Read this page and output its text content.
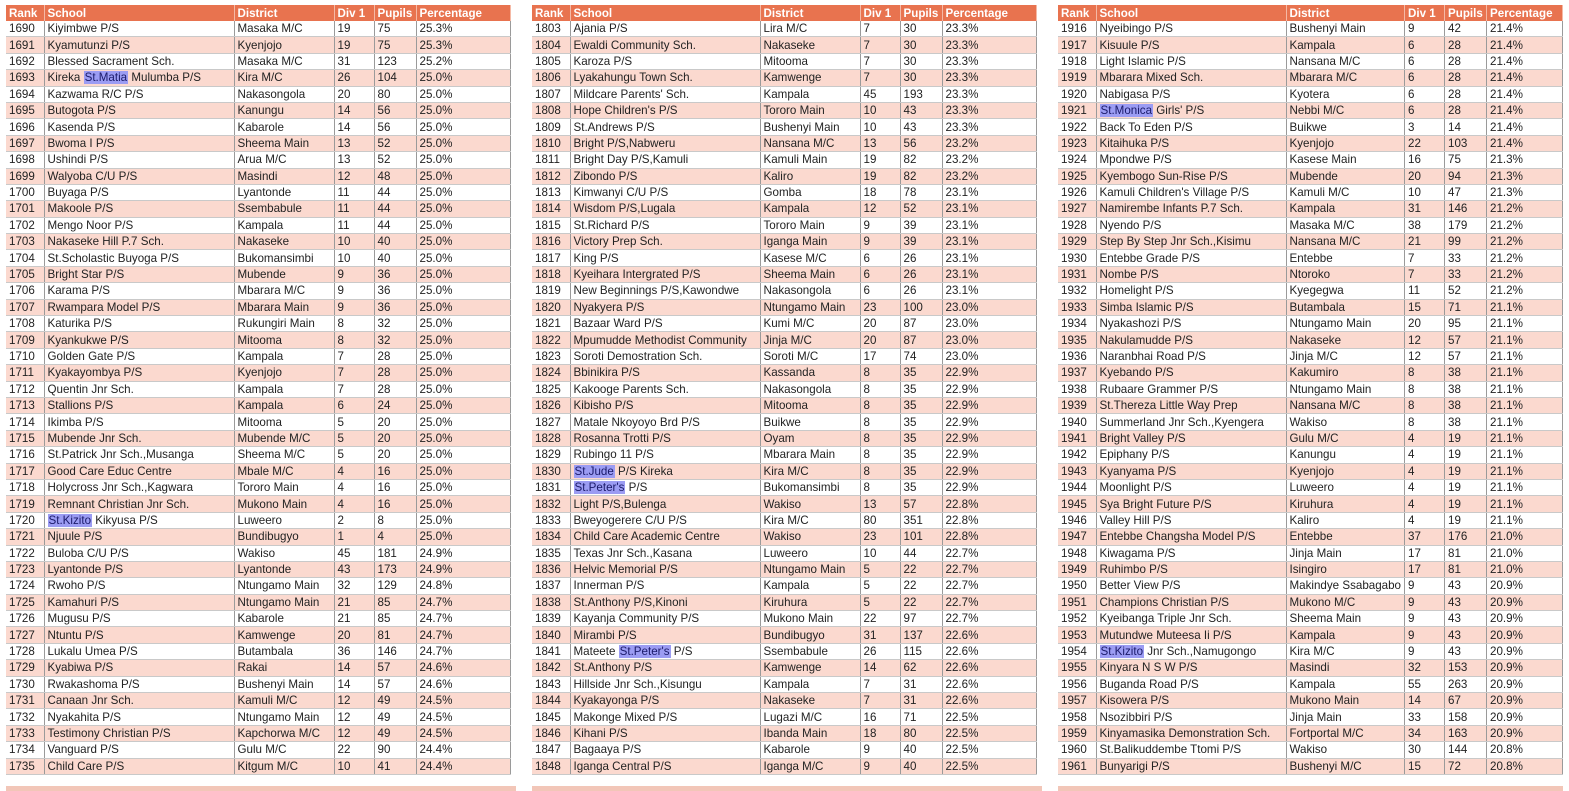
Rank	School	District	Div 1	Pupils	Percentage
1690	Kiyimbwe P/S	Masaka M/C	19	75	25.3%
1691	Kyamutunzi P/S	Kyenjojo	19	75	25.3%
1692	Blessed Sacrament Sch.	Masaka M/C	31	123	25.2%
1693	Kireka St.Matia Mulumba P/S	Kira M/C	26	104	25.0%
1694	Kazwama R/C P/S	Nakasongola	20	80	25.0%
1695	Butogota P/S	Kanungu	14	56	25.0%
1696	Kasenda P/S	Kabarole	14	56	25.0%
1697	Bwoma I P/S	Sheema Main	13	52	25.0%
1698	Ushindi P/S	Arua M/C	13	52	25.0%
1699	Walyoba C/U P/S	Masindi	12	48	25.0%
1700	Buyaga P/S	Lyantonde	11	44	25.0%
1701	Makoole P/S	Ssembabule	11	44	25.0%
1702	Mengo Noor P/S	Kampala	11	44	25.0%
1703	Nakaseke Hill P.7 Sch.	Nakaseke	10	40	25.0%
1704	St.Scholastic Buyoga P/S	Bukomansimbi	10	40	25.0%
1705	Bright Star P/S	Mubende	9	36	25.0%
1706	Karama P/S	Mbarara M/C	9	36	25.0%
1707	Rwampara Model P/S	Mbarara Main	9	36	25.0%
1708	Katurika P/S	Rukungiri Main	8	32	25.0%
1709	Kyankukwe P/S	Mitooma	8	32	25.0%
1710	Golden Gate P/S	Kampala	7	28	25.0%
1711	Kyakayombya P/S	Kyenjojo	7	28	25.0%
1712	Quentin Jnr Sch.	Kampala	7	28	25.0%
1713	Stallions P/S	Kampala	6	24	25.0%
1714	Ikimba P/S	Mitooma	5	20	25.0%
1715	Mubende Jnr Sch.	Mubende M/C	5	20	25.0%
1716	St.Patrick Jnr Sch.,Musanga	Sheema M/C	5	20	25.0%
1717	Good Care Educ Centre	Mbale M/C	4	16	25.0%
1718	Holycross Jnr Sch.,Kagwara	Tororo Main	4	16	25.0%
1719	Remnant Christian Jnr Sch.	Mukono Main	4	16	25.0%
1720	St.Kizito Kikyusa P/S	Luweero	2	8	25.0%
1721	Njuule P/S	Bundibugyo	1	4	25.0%
1722	Buloba C/U P/S	Wakiso	45	181	24.9%
1723	Lyantonde P/S	Lyantonde	43	173	24.9%
1724	Rwoho P/S	Ntungamo Main	32	129	24.8%
1725	Kamahuri P/S	Ntungamo Main	21	85	24.7%
1726	Mugusu P/S	Kabarole	21	85	24.7%
1727	Ntuntu P/S	Kamwenge	20	81	24.7%
1728	Lukalu Umea P/S	Butambala	36	146	24.7%
1729	Kyabiwa P/S	Rakai	14	57	24.6%
1730	Rwakashoma P/S	Bushenyi Main	14	57	24.6%
1731	Canaan Jnr Sch.	Kamuli M/C	12	49	24.5%
1732	Nyakahita P/S	Ntungamo Main	12	49	24.5%
1733	Testimony Christian P/S	Kapchorwa M/C	12	49	24.5%
1734	Vanguard P/S	Gulu M/C	22	90	24.4%
1735	Child Care P/S	Kitgum M/C	10	41	24.4%
Rank	School	District	Div 1	Pupils	Percentage
1803	Ajania P/S	Lira M/C	7	30	23.3%
1804	Ewaldi Community Sch.	Nakaseke	7	30	23.3%
1805	Karoza P/S	Mitooma	7	30	23.3%
1806	Lyakahungu Town Sch.	Kamwenge	7	30	23.3%
1807	Mildcare Parents' Sch.	Kampala	45	193	23.3%
1808	Hope Children's P/S	Tororo Main	10	43	23.3%
1809	St.Andrews P/S	Bushenyi Main	10	43	23.3%
1810	Bright P/S,Nabweru	Nansana M/C	13	56	23.2%
1811	Bright Day P/S,Kamuli	Kamuli Main	19	82	23.2%
1812	Zibondo P/S	Kaliro	19	82	23.2%
1813	Kimwanyi C/U P/S	Gomba	18	78	23.1%
1814	Wisdom P/S,Lugala	Kampala	12	52	23.1%
1815	St.Richard P/S	Tororo Main	9	39	23.1%
1816	Victory Prep Sch.	Iganga Main	9	39	23.1%
1817	King P/S	Kasese M/C	6	26	23.1%
1818	Kyeihara Intergrated P/S	Sheema Main	6	26	23.1%
1819	New Beginnings P/S,Kawondwe	Nakasongola	6	26	23.1%
1820	Nyakyera P/S	Ntungamo Main	23	100	23.0%
1821	Bazaar Ward P/S	Kumi M/C	20	87	23.0%
1822	Mpumudde Methodist Community	Jinja M/C	20	87	23.0%
1823	Soroti Demostration Sch.	Soroti M/C	17	74	23.0%
1824	Bbinikira P/S	Kassanda	8	35	22.9%
1825	Kakooge Parents Sch.	Nakasongola	8	35	22.9%
1826	Kibisho P/S	Mitooma	8	35	22.9%
1827	Matale Nkoyoyo Brd P/S	Buikwe	8	35	22.9%
1828	Rosanna Trotti P/S	Oyam	8	35	22.9%
1829	Rubingo 11 P/S	Mbarara Main	8	35	22.9%
1830	St.Jude P/S Kireka	Kira M/C	8	35	22.9%
1831	St.Peter's P/S	Bukomansimbi	8	35	22.9%
1832	Light P/S,Bulenga	Wakiso	13	57	22.8%
1833	Bweyogerere C/U P/S	Kira M/C	80	351	22.8%
1834	Child Care Academic Centre	Wakiso	23	101	22.8%
1835	Texas Jnr Sch.,Kasana	Luweero	10	44	22.7%
1836	Helvic Memorial P/S	Ntungamo Main	5	22	22.7%
1837	Innerman P/S	Kampala	5	22	22.7%
1838	St.Anthony P/S,Kinoni	Kiruhura	5	22	22.7%
1839	Kayanja Community P/S	Mukono Main	22	97	22.7%
1840	Mirambi P/S	Bundibugyo	31	137	22.6%
1841	Mateete St.Peter's P/S	Ssembabule	26	115	22.6%
1842	St.Anthony P/S	Kamwenge	14	62	22.6%
1843	Hillside Jnr Sch.,Kisungu	Kampala	7	31	22.6%
1844	Kyakayonga P/S	Nakaseke	7	31	22.6%
1845	Makonge Mixed P/S	Lugazi M/C	16	71	22.5%
1846	Kihani P/S	Ibanda Main	18	80	22.5%
1847	Bagaaya P/S	Kabarole	9	40	22.5%
1848	Iganga Central P/S	Iganga M/C	9	40	22.5%
Rank	School	District	Div 1	Pupils	Percentage
1916	Nyeibingo P/S	Bushenyi Main	9	42	21.4%
1917	Kisuule P/S	Kampala	6	28	21.4%
1918	Light Islamic P/S	Nansana M/C	6	28	21.4%
1919	Mbarara Mixed Sch.	Mbarara M/C	6	28	21.4%
1920	Nabigasa P/S	Kyotera	6	28	21.4%
1921	St.Monica Girls' P/S	Nebbi M/C	6	28	21.4%
1922	Back To Eden P/S	Buikwe	3	14	21.4%
1923	Kitaihuka P/S	Kyenjojo	22	103	21.4%
1924	Mpondwe P/S	Kasese Main	16	75	21.3%
1925	Kyembogo Sun-Rise P/S	Mubende	20	94	21.3%
1926	Kamuli Children's Village P/S	Kamuli M/C	10	47	21.3%
1927	Namirembe Infants P.7 Sch.	Kampala	31	146	21.2%
1928	Nyendo P/S	Masaka M/C	38	179	21.2%
1929	Step By Step Jnr Sch.,Kisimu	Nansana M/C	21	99	21.2%
1930	Entebbe Grade P/S	Entebbe	7	33	21.2%
1931	Nombe P/S	Ntoroko	7	33	21.2%
1932	Homelight P/S	Kyegegwa	11	52	21.2%
1933	Simba Islamic P/S	Butambala	15	71	21.1%
1934	Nyakashozi P/S	Ntungamo Main	20	95	21.1%
1935	Nakulamudde P/S	Nakaseke	12	57	21.1%
1936	Naranbhai Road P/S	Jinja M/C	12	57	21.1%
1937	Kyebando P/S	Kakumiro	8	38	21.1%
1938	Rubaare Grammer P/S	Ntungamo Main	8	38	21.1%
1939	St.Thereza Little Way Prep	Nansana M/C	8	38	21.1%
1940	Summerland Jnr Sch.,Kyengera	Wakiso	8	38	21.1%
1941	Bright Valley P/S	Gulu M/C	4	19	21.1%
1942	Epiphany P/S	Kanungu	4	19	21.1%
1943	Kyanyama P/S	Kyenjojo	4	19	21.1%
1944	Moonlight P/S	Luweero	4	19	21.1%
1945	Sya Bright Future P/S	Kiruhura	4	19	21.1%
1946	Valley Hill P/S	Kaliro	4	19	21.1%
1947	Entebbe Changsha Model P/S	Entebbe	37	176	21.0%
1948	Kiwagama P/S	Jinja Main	17	81	21.0%
1949	Ruhimbo P/S	Isingiro	17	81	21.0%
1950	Better View P/S	Makindye Ssabagabo	9	43	20.9%
1951	Champions Christian P/S	Mukono M/C	9	43	20.9%
1952	Kyeibanga Triple Jnr Sch.	Sheema Main	9	43	20.9%
1953	Mutundwe Muteesa Ii P/S	Kampala	9	43	20.9%
1954	St.Kizito Jnr Sch.,Namugongo	Kira M/C	9	43	20.9%
1955	Kinyara N S W P/S	Masindi	32	153	20.9%
1956	Buganda Road P/S	Kampala	55	263	20.9%
1957	Kisowera P/S	Mukono Main	14	67	20.9%
1958	Nsozibbiri P/S	Jinja Main	33	158	20.9%
1959	Kinyamasika Demonstration Sch.	Fortportal M/C	34	163	20.9%
1960	St.Balikuddembe Ttomi P/S	Wakiso	30	144	20.8%
1961	Bunyarigi P/S	Bushenyi M/C	15	72	20.8%
